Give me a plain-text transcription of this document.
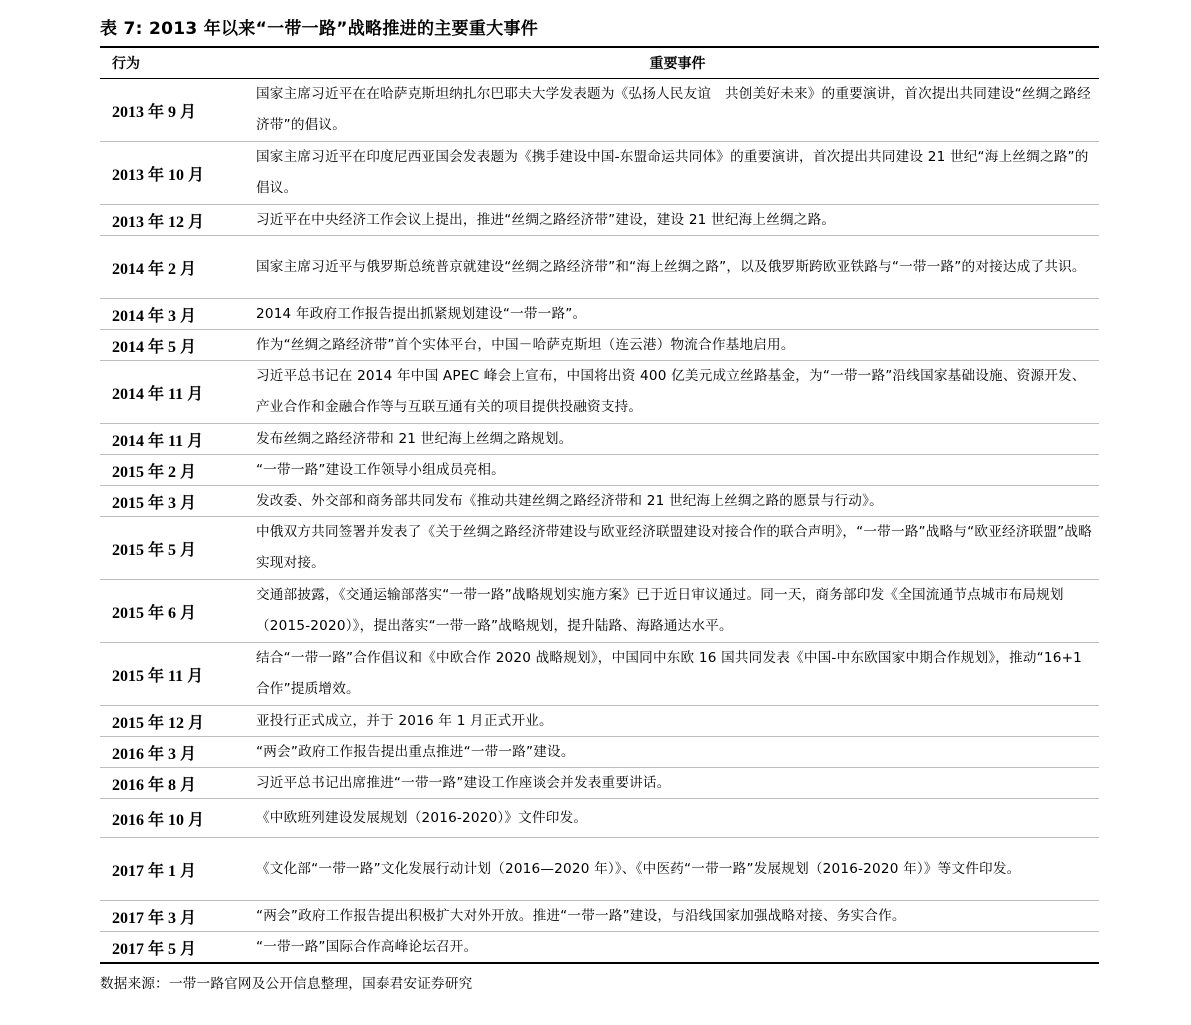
表 7: 2013 年以来“一带一路”战略推进的主要重大事件
行为	重要事件
2013 年 9 月	国家主席习近平在在哈萨克斯坦纳扎尔巴耶夫大学发表题为《弘扬人民友谊　共创美好未来》的重要演讲，首次提出共同建设“丝绸之路经济带”的倡议。

2013 年 10 月	国家主席习近平在印度尼西亚国会发表题为《携手建设中国-东盟命运共同体》的重要演讲，首次提出共同建设 21 世纪“海上丝绸之路”的倡议。

2013 年 12 月	习近平在中央经济工作会议上提出，推进“丝绸之路经济带”建设，建设 21 世纪海上丝绸之路。

2014 年 2 月	国家主席习近平与俄罗斯总统普京就建设“丝绸之路经济带”和“海上丝绸之路”，以及俄罗斯跨欧亚铁路与“一带一路”的对接达成了共识。

2014 年 3 月	2014 年政府工作报告提出抓紧规划建设“一带一路”。

2014 年 5 月	作为“丝绸之路经济带”首个实体平台，中国－哈萨克斯坦（连云港）物流合作基地启用。

2014 年 11 月	习近平总书记在 2014 年中国 APEC 峰会上宣布，中国将出资 400 亿美元成立丝路基金，为“一带一路”沿线国家基础设施、资源开发、产业合作和金融合作等与互联互通有关的项目提供投融资支持。

2014 年 11 月	发布丝绸之路经济带和 21 世纪海上丝绸之路规划。

2015 年 2 月	“一带一路”建设工作领导小组成员亮相。

2015 年 3 月	发改委、外交部和商务部共同发布《推动共建丝绸之路经济带和 21 世纪海上丝绸之路的愿景与行动》。

2015 年 5 月	中俄双方共同签署并发表了《关于丝绸之路经济带建设与欧亚经济联盟建设对接合作的联合声明》，“一带一路”战略与“欧亚经济联盟”战略实现对接。

2015 年 6 月	交通部披露，《交通运输部落实“一带一路”战略规划实施方案》已于近日审议通过。同一天，商务部印发《全国流通节点城市布局规划（2015-2020）》，提出落实“一带一路”战略规划，提升陆路、海路通达水平。

2015 年 11 月	结合“一带一路”合作倡议和《中欧合作 2020 战略规划》，中国同中东欧 16 国共同发表《中国-中东欧国家中期合作规划》，推动“16+1 合作”提质增效。

2015 年 12 月	亚投行正式成立，并于 2016 年 1 月正式开业。

2016 年 3 月	“两会”政府工作报告提出重点推进“一带一路”建设。

2016 年 8 月	习近平总书记出席推进“一带一路”建设工作座谈会并发表重要讲话。

2016 年 10 月	《中欧班列建设发展规划（2016-2020）》文件印发。

2017 年 1 月	《文化部“一带一路”文化发展行动计划（2016—2020 年）》、《中医药“一带一路”发展规划（2016-2020 年）》等文件印发。

2017 年 3 月	“两会”政府工作报告提出积极扩大对外开放。推进“一带一路”建设，与沿线国家加强战略对接、务实合作。

2017 年 5 月	“一带一路”国际合作高峰论坛召开。
数据来源：一带一路官网及公开信息整理，国泰君安证券研究
